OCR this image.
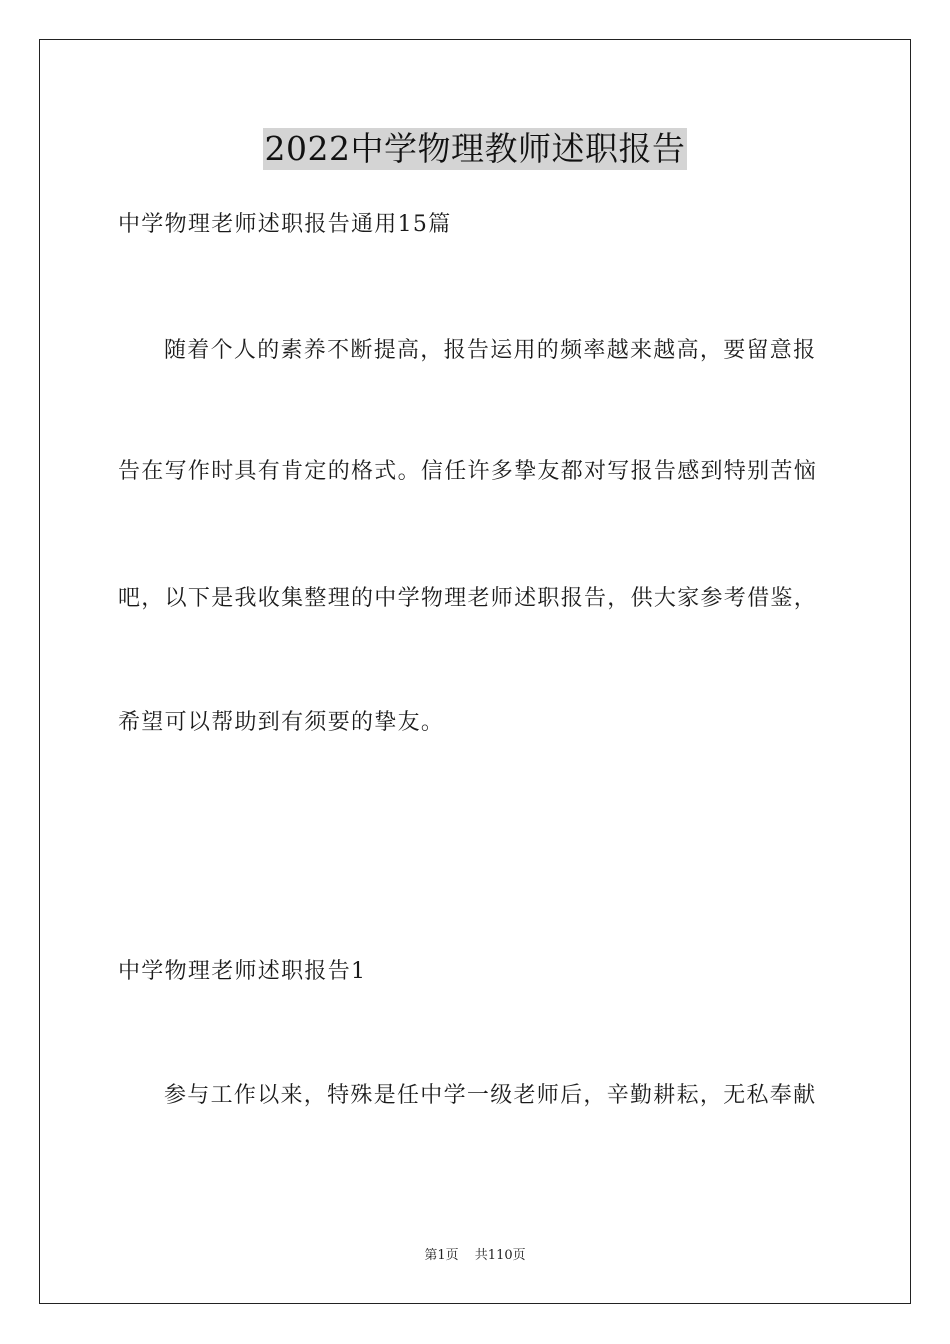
2022中学物理教师述职报告
中学物理老师述职报告通用15篇
随着个人的素养不断提高，报告运用的频率越来越高，要留意报
告在写作时具有肯定的格式。信任许多挚友都对写报告感到特别苦恼
吧，以下是我收集整理的中学物理老师述职报告，供大家参考借鉴，
希望可以帮助到有须要的挚友。
中学物理老师述职报告1
参与工作以来，特殊是任中学一级老师后，辛勤耕耘，无私奉献
第1页 共110页
